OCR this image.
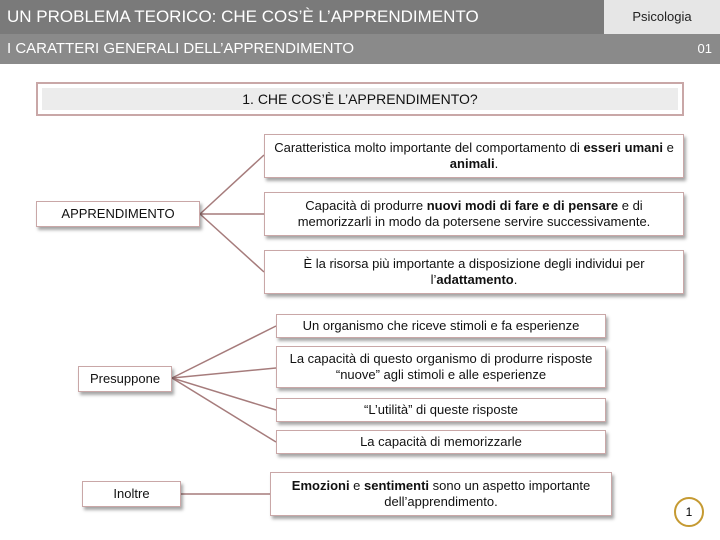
UN PROBLEMA TEORICO: CHE COS’È L’APPRENDIMENTO	Psicologia
I CARATTERI GENERALI DELL’APPRENDIMENTO	01
1. CHE COS’È L’APPRENDIMENTO?
APPRENDIMENTO
Caratteristica molto importante del comportamento di esseri umani e animali.
Capacità di produrre nuovi modi di fare e di pensare e di memorizzarli in modo da potersene servire successivamente.
È la risorsa più importante a disposizione degli individui per l’adattamento.
Presuppone
Un organismo che riceve stimoli e fa esperienze
La capacità di questo organismo di produrre risposte “nuove” agli stimoli e alle esperienze
“L’utilità” di queste risposte
La capacità di memorizzarle
Inoltre
Emozioni e sentimenti sono un aspetto importante dell’apprendimento.
1
